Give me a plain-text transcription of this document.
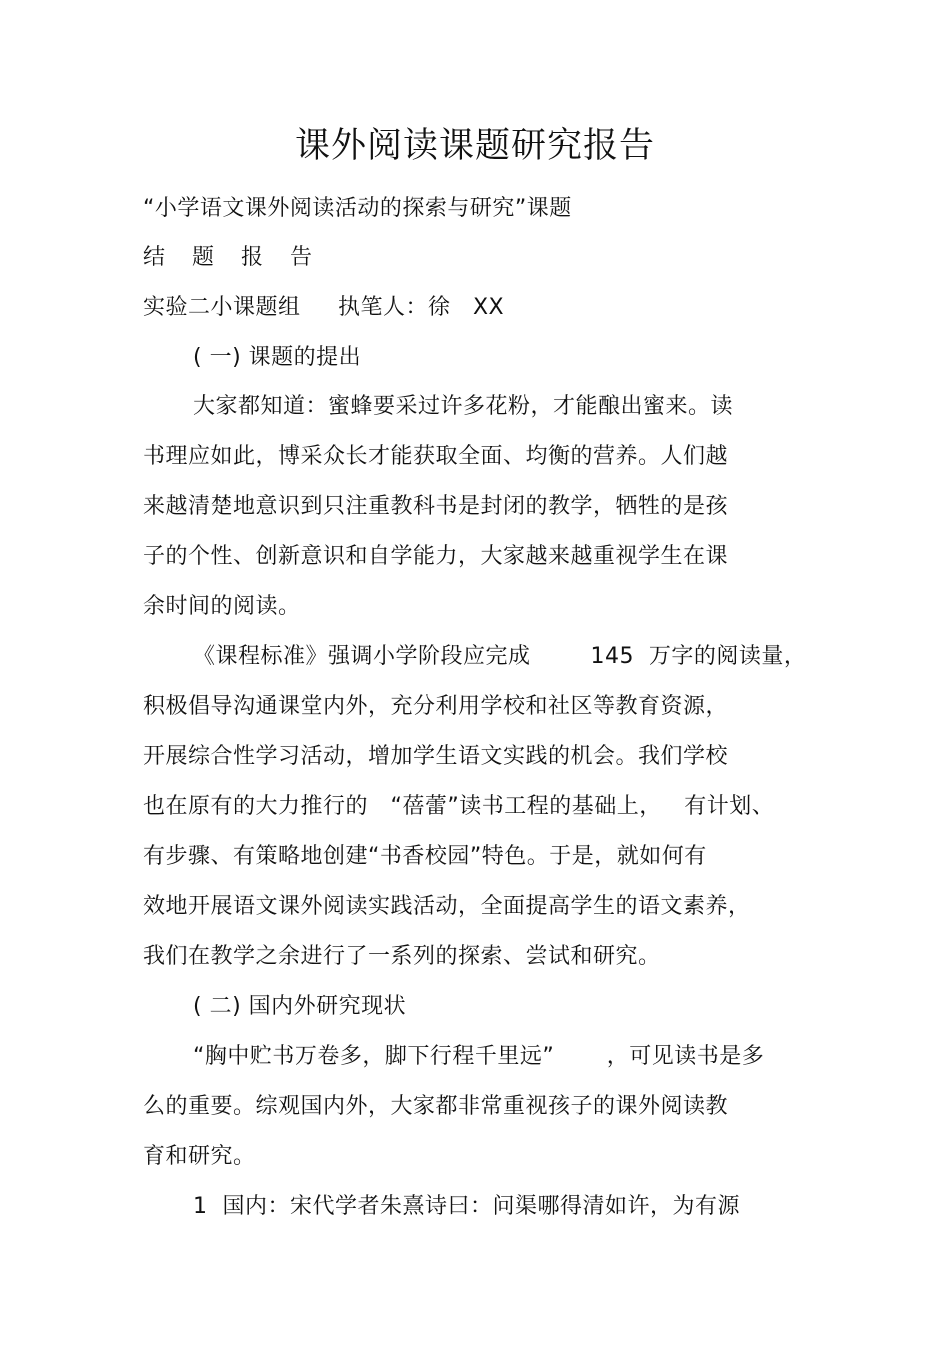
课外阅读课题研究报告

“小学语文课外阅读活动的探索与研究”课题

结 题 报 告

实验二小课题组     执笔人：徐   XX

( 一) 课题的提出

大家都知道：蜜蜂要采过许多花粉，才能酿出蜜来。读

书理应如此，博采众长才能获取全面、均衡的营养。人们越

来越清楚地意识到只注重教科书是封闭的教学，牺牲的是孩

子的个性、创新意识和自学能力，大家越来越重视学生在课

余时间的阅读。

《课程标准》强调小学阶段应完成        145  万字的阅读量，

积极倡导沟通课堂内外，充分利用学校和社区等教育资源，

开展综合性学习活动，增加学生语文实践的机会。我们学校

也在原有的大力推行的   “蓓蕾”读书工程的基础上，   有计划、

有步骤、有策略地创建“书香校园”特色。于是，就如何有

效地开展语文课外阅读实践活动，全面提高学生的语文素养，

我们在教学之余进行了一系列的探索、尝试和研究。

( 二) 国内外研究现状

“胸中贮书万卷多，脚下行程千里远”       ，可见读书是多

么的重要。综观国内外，大家都非常重视孩子的课外阅读教

育和研究。

1  国内：宋代学者朱熹诗曰：问渠哪得清如许，为有源
